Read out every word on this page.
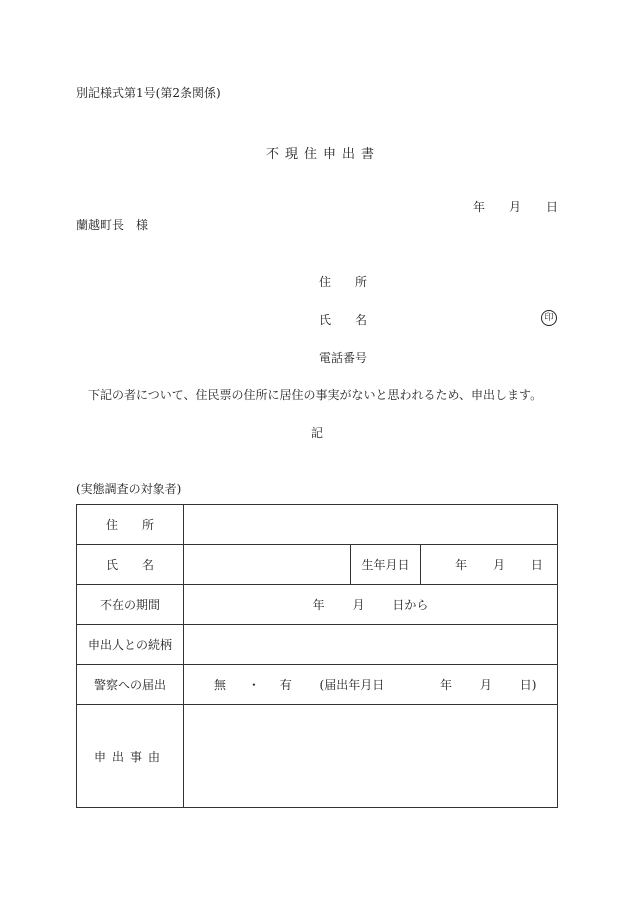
別記様式第1号(第2条関係)
不現住申出書
年 月 日
蘭越町長　様
住　　所
氏　　名	印
電話番号
下記の者について、住民票の住所に居住の事実がないと思われるため、申出します。
記
(実態調査の対象者)
住　　所			
氏　　名		生年月日	年 月 日
不在の期間	年 月 日から		
申出人との続柄			
警察への届出	無 ・ 有 (届出年月日 年 月 日)		
申出事由			
